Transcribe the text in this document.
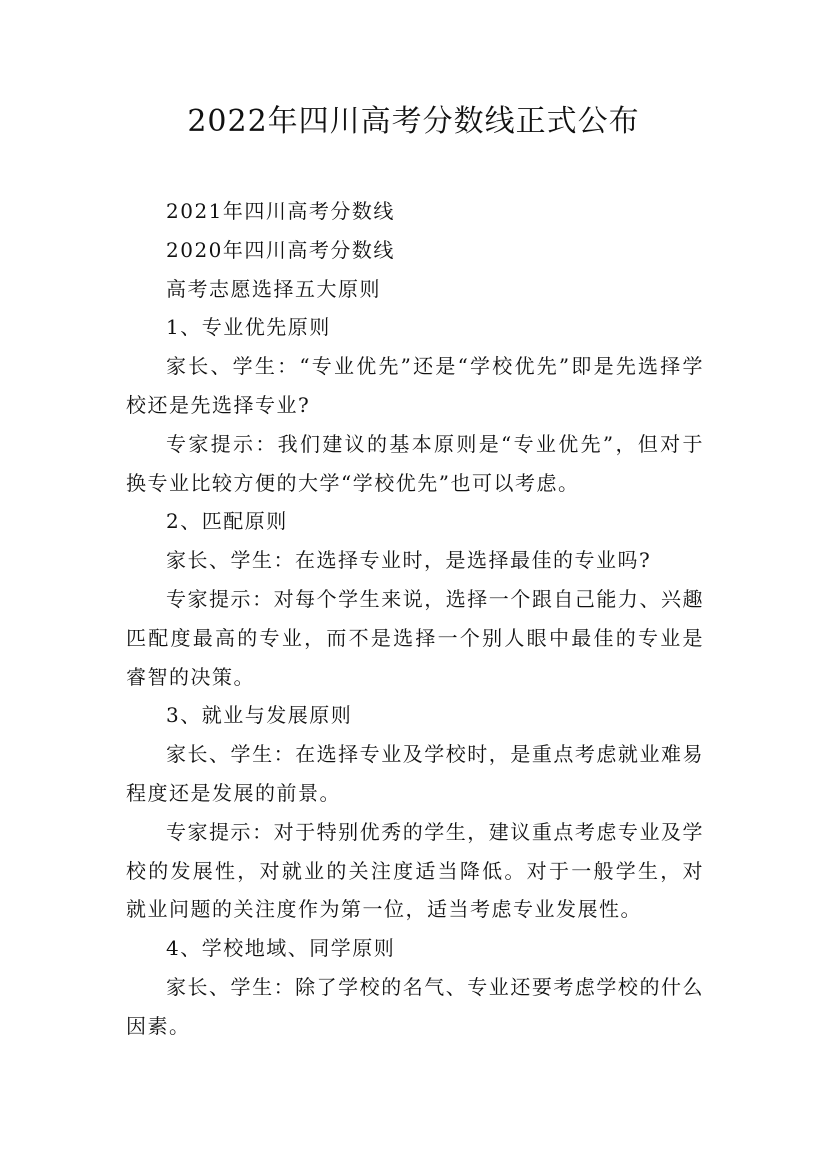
2022年四川高考分数线正式公布

2021年四川高考分数线

2020年四川高考分数线

高考志愿选择五大原则

1、专业优先原则

家长、学生：“专业优先”还是“学校优先”即是先选择学校还是先选择专业?

专家提示：我们建议的基本原则是“专业优先”，但对于换专业比较方便的大学“学校优先”也可以考虑。

2、匹配原则

家长、学生：在选择专业时，是选择最佳的专业吗?

专家提示：对每个学生来说，选择一个跟自己能力、兴趣匹配度最高的专业，而不是选择一个别人眼中最佳的专业是睿智的决策。

3、就业与发展原则

家长、学生：在选择专业及学校时，是重点考虑就业难易程度还是发展的前景。

专家提示：对于特别优秀的学生，建议重点考虑专业及学校的发展性，对就业的关注度适当降低。对于一般学生，对就业问题的关注度作为第一位，适当考虑专业发展性。

4、学校地域、同学原则

家长、学生：除了学校的名气、专业还要考虑学校的什么因素。
